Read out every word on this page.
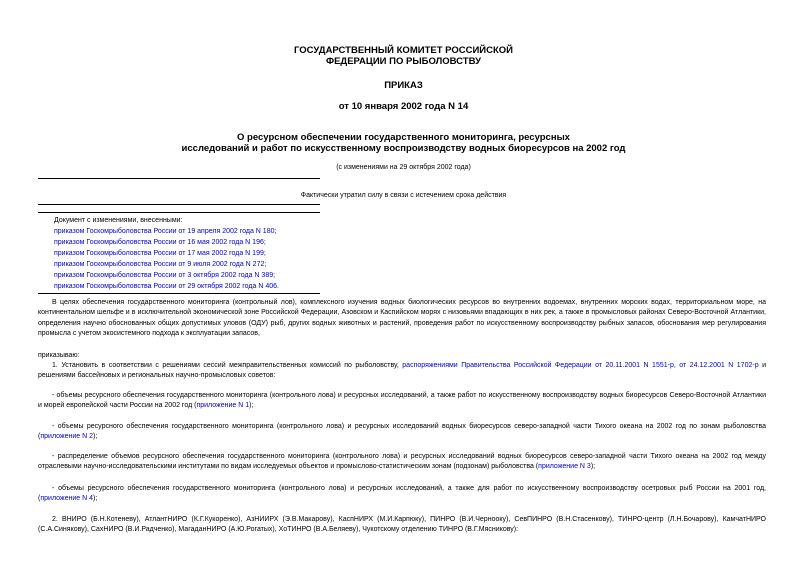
ГОСУДАРСТВЕННЫЙ КОМИТЕТ РОССИЙСКОЙ
ФЕДЕРАЦИИ ПО РЫБОЛОВСТВУ
ПРИКАЗ
от 10 января 2002 года N 14
О ресурсном обеспечении государственного мониторинга, ресурсных
исследований и работ по искусственному воспроизводству водных биоресурсов на 2002 год
(с изменениями на 29 октября 2002 года)
Фактически утратил силу в связи с истечением срока действия
Документ с изменениями, внесенными:
приказом Госкомрыболовства России от 19 апреля 2002 года N 180;
приказом Госкомрыболовства России от 16 мая 2002 года N 196;
приказом Госкомрыболовства России от 17 мая 2002 года N 199;
приказом Госкомрыболовства России от 9 июля 2002 года N 272;
приказом Госкомрыболовства России от 3 октября 2002 года N 389;
приказом Госкомрыболовства России от 29 октября 2002 года N 406.
В целях обеспечения государственного мониторинга (контрольный лов), комплексного изучения водных биологических ресурсов во внутренних водоемах, внутренних морских водах, территориальном море, на континентальном шельфе и в исключительной экономической зоне Российской Федерации, Азовском и Каспийском морях с низовьями впадающих в них рек, а также в промысловых районах Северо-Восточной Атлантики, определения научно обоснованных общих допустимых уловов (ОДУ) рыб, других водных животных и растений, проведения работ по искусственному воспроизводству рыбных запасов, обоснования мер регулирования промысла с учетом экосистемного подхода к эксплуатации запасов,
приказываю:
1. Установить в соответствии с решениями сессий межправительственных комиссий по рыболовству, распоряжениями Правительства Российской Федерации от 20.11.2001 N 1551-р, от 24.12.2001 N 1702-р и решениями бассейновых и региональных научно-промысловых советов:
- объемы ресурсного обеспечения государственного мониторинга (контрольного лова) и ресурсных исследований, а также работ по искусственному воспроизводству водных биоресурсов Северо-Восточной Атлантики и морей европейской части России на 2002 год (приложение N 1);
- объемы ресурсного обеспечения государственного мониторинга (контрольного лова) и ресурсных исследований водных биоресурсов северо-западной части Тихого океана на 2002 год по зонам рыболовства (приложение N 2);
- распределение объемов ресурсного обеспечения государственного мониторинга (контрольного лова) и ресурсных исследований водных биоресурсов северо-западной части Тихого океана на 2002 год между отраслевыми научно-исследовательскими институтами по видам исследуемых объектов и промыслово-статистическим зонам (подзонам) рыболовства (приложение N 3);
- объемы ресурсного обеспечения государственного мониторинга (контрольного лова) и ресурсных исследований, а также для работ по искусственному воспроизводству осетровых рыб России на 2001 год, (приложение N 4);
2. ВНИРО (Б.Н.Котеневу), АтлантНИРО (К.Г.Кукоренко), АзНИИРХ (Э.В.Макарову), КаспНИРХ (М.И.Карпюку), ПИНРО (В.И.Чернооку), СевПИНРО (В.Н.Стасенкову), ТИНРО-центр (Л.Н.Бочарову), КамчатНИРО (С.А.Синякову), СахНИРО (В.И.Радченко), МагаданНИРО (А.Ю.Рогатых), ХоТИНРО (В.А.Беляеву), Чукотскому отделению ТИНРО (В.Г.Мясникову):
